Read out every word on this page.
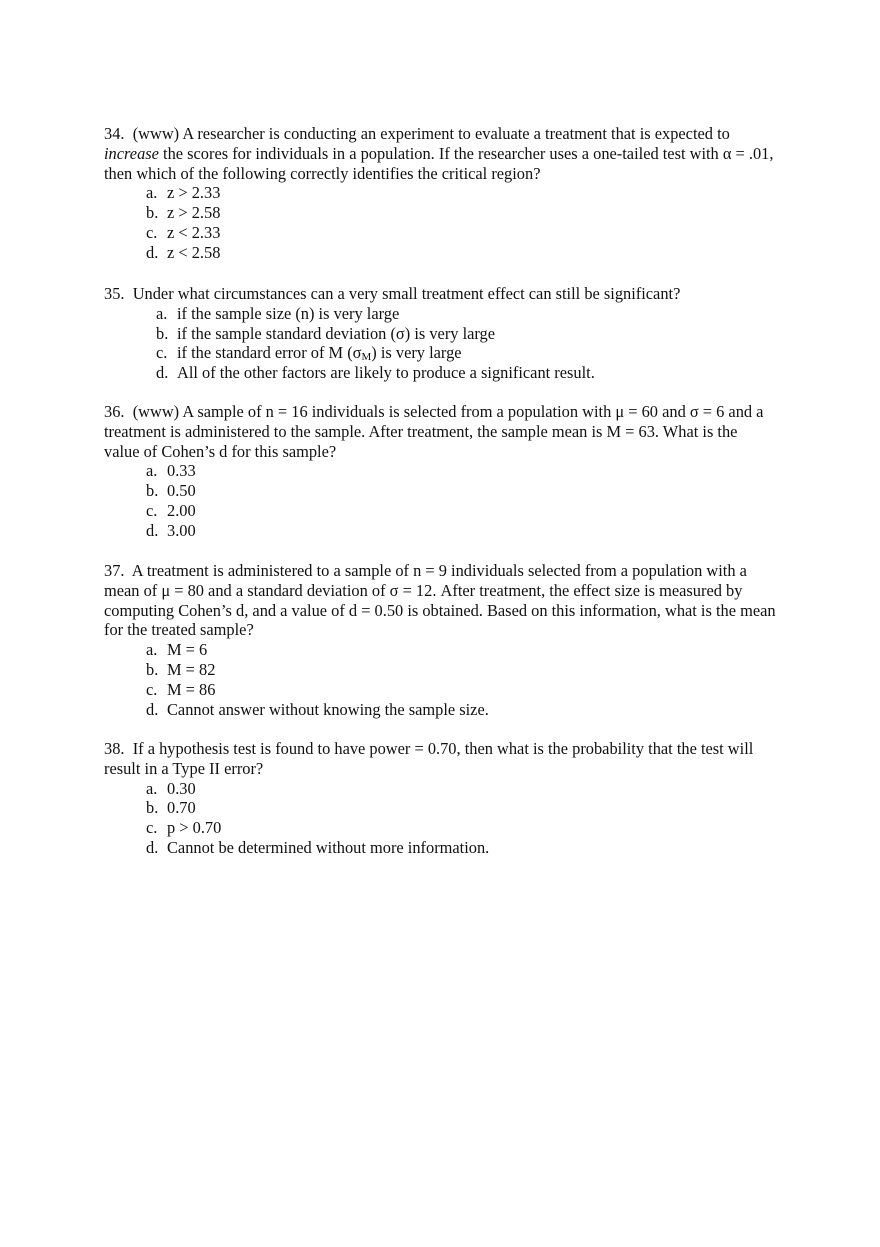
34. (www) A researcher is conducting an experiment to evaluate a treatment that is expected to increase the scores for individuals in a population. If the researcher uses a one-tailed test with α = .01, then which of the following correctly identifies the critical region?

a. z > 2.33
b. z > 2.58
c. z < 2.33
d. z < 2.58

35. Under what circumstances can a very small treatment effect can still be significant?

a. if the sample size (n) is very large
b. if the sample standard deviation (σ) is very large
c. if the standard error of M (σM) is very large
d. All of the other factors are likely to produce a significant result.

36. (www) A sample of n = 16 individuals is selected from a population with μ = 60 and σ = 6 and a treatment is administered to the sample. After treatment, the sample mean is M = 63. What is the value of Cohen’s d for this sample?

a. 0.33
b. 0.50
c. 2.00
d. 3.00

37. A treatment is administered to a sample of n = 9 individuals selected from a population with a mean of μ = 80 and a standard deviation of σ = 12. After treatment, the effect size is measured by computing Cohen’s d, and a value of d = 0.50 is obtained. Based on this information, what is the mean for the treated sample?

a. M = 6
b. M = 82
c. M = 86
d. Cannot answer without knowing the sample size.

38. If a hypothesis test is found to have power = 0.70, then what is the probability that the test will result in a Type II error?

a. 0.30
b. 0.70
c. p > 0.70
d. Cannot be determined without more information.
